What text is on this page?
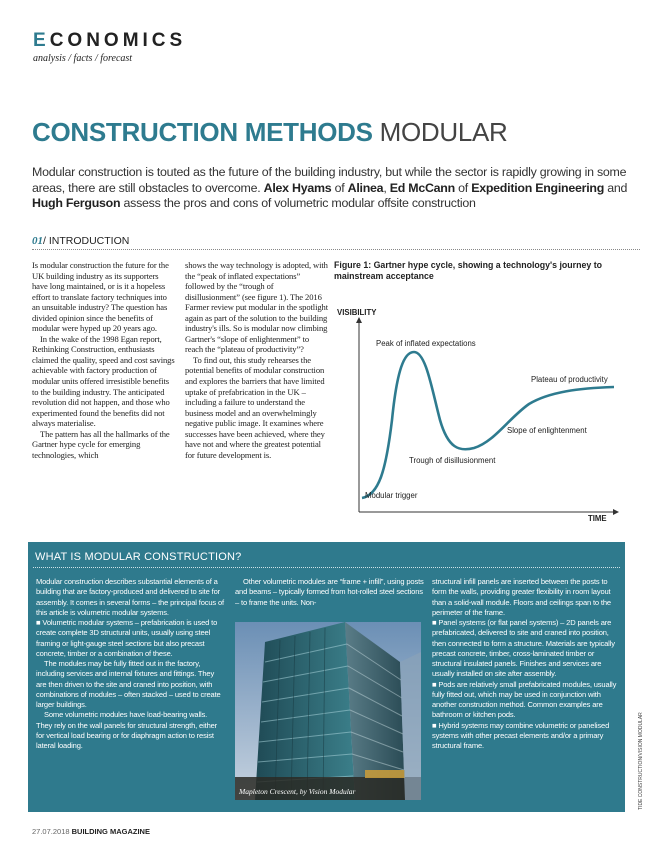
ECONOMICS
analysis / facts / forecast
CONSTRUCTION METHODS MODULAR
Modular construction is touted as the future of the building industry, but while the sector is rapidly growing in some areas, there are still obstacles to overcome. Alex Hyams of Alinea, Ed McCann of Expedition Engineering and Hugh Ferguson assess the pros and cons of volumetric modular offsite construction
01/ INTRODUCTION

Is modular construction the future for the UK building industry as its supporters have long maintained, or is it a hopeless effort to translate factory techniques into an unsuitable industry? The question has divided opinion since the benefits of modular were hyped up 20 years ago.

In the wake of the 1998 Egan report, Rethinking Construction, enthusiasts claimed the quality, speed and cost savings achievable with factory production of modular units offered irresistible benefits to the building industry. The anticipated revolution did not happen, and those who experimented found the benefits did not always materialise.

The pattern has all the hallmarks of the Gartner hype cycle for emerging technologies, which

shows the way technology is adopted, with the “peak of inflated expectations” followed by the “trough of disillusionment” (see figure 1). The 2016 Farmer review put modular in the spotlight again as part of the solution to the building industry's ills. So is modular now climbing Gartner's “slope of enlightenment” to reach the “plateau of productivity”?

To find out, this study rehearses the potential benefits of modular construction and explores the barriers that have limited uptake of prefabrication in the UK – including a failure to understand the business model and an overwhelmingly negative public image. It examines where successes have been achieved, where they have not and where the greatest potential for future development is.

Figure 1: Gartner hype cycle, showing a technology's journey to mainstream acceptance
VISIBILITY
TIME
Peak of inflated expectations
Plateau of productivity
Slope of enlightenment
Trough of disillusionment
Modular trigger
WHAT IS MODULAR CONSTRUCTION?

Modular construction describes substantial elements of a building that are factory-produced and delivered to site for assembly. It comes in several forms – the principal focus of this article is volumetric modular systems.

■ Volumetric modular systems – prefabrication is used to create complete 3D structural units, usually using steel framing or light-gauge steel sections but also precast concrete, timber or a combination of these.

The modules may be fully fitted out in the factory, including services and internal fixtures and fittings. They are then driven to the site and craned into position, with combinations of modules – often stacked – used to create larger buildings.

Some volumetric modules have load-bearing walls. They rely on the wall panels for structural strength, either for vertical load bearing or for diaphragm action to resist lateral loading.

Other volumetric modules are “frame + infill”, using posts and beams – typically formed from hot-rolled steel sections – to frame the units. Non-

Mapleton Crescent, by Vision Modular

structural infill panels are inserted between the posts to form the walls, providing greater flexibility in room layout than a solid-wall module. Floors and ceilings span to the perimeter of the frame.

■ Panel systems (or flat panel systems) – 2D panels are prefabricated, delivered to site and craned into position, then connected to form a structure. Materials are typically precast concrete, timber, cross-laminated timber or structural insulated panels. Finishes and services are usually installed on site after assembly.

■ Pods are relatively small prefabricated modules, usually fully fitted out, which may be used in conjunction with another construction method. Common examples are bathroom or kitchen pods.

■ Hybrid systems may combine volumetric or panelised systems with other precast elements and/or a primary structural frame.	TIDE CONSTRUCTION/VISION MODULAR
27.07.2018 BUILDING MAGAZINE
